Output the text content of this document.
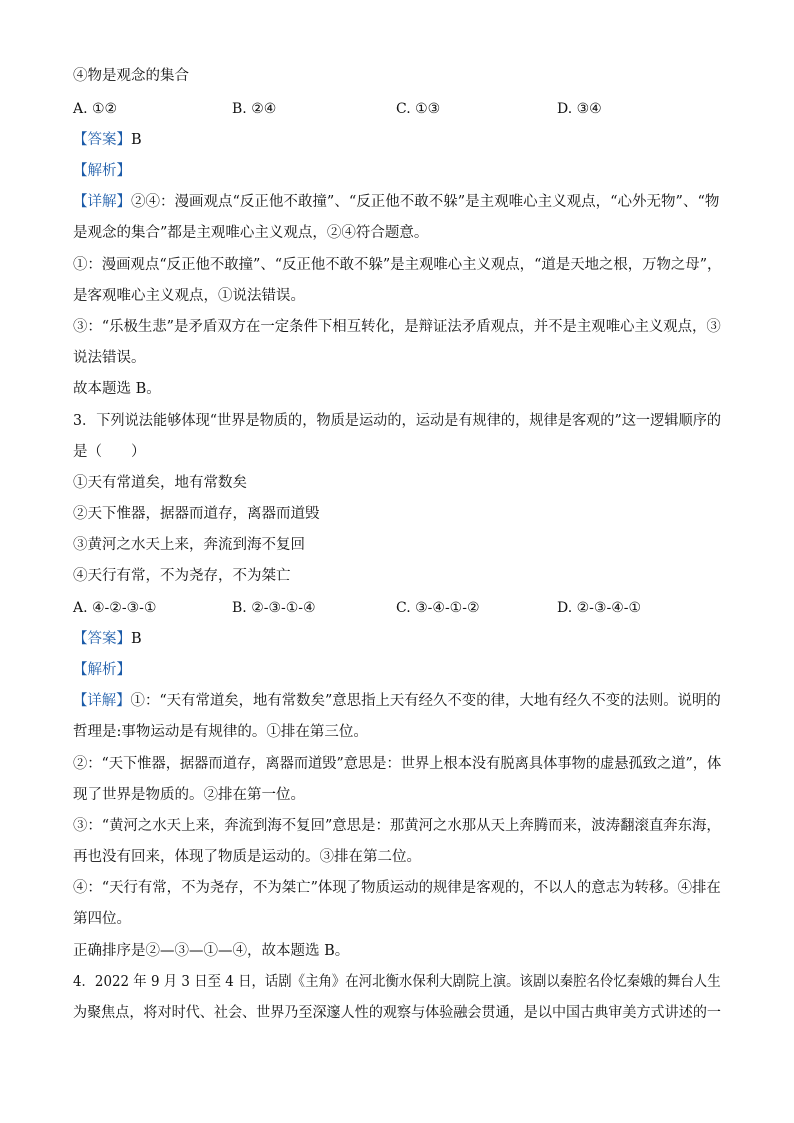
④物是观念的集合
A. ①②	B. ②④	C. ①③	D. ③④
【答案】B
【解析】
【详解】②④：漫画观点“反正他不敢撞”、“反正他不敢不躲”是主观唯心主义观点，“心外无物”、“物
是观念的集合”都是主观唯心主义观点，②④符合题意。
①：漫画观点“反正他不敢撞”、“反正他不敢不躲”是主观唯心主义观点，“道是天地之根，万物之母”，
是客观唯心主义观点，①说法错误。
③：“乐极生悲”是矛盾双方在一定条件下相互转化，是辩证法矛盾观点，并不是主观唯心主义观点，③
说法错误。
故本题选 B。
3．下列说法能够体现“世界是物质的，物质是运动的，运动是有规律的，规律是客观的”这一逻辑顺序的
是（　　）
①天有常道矣，地有常数矣
②天下惟器，据器而道存，离器而道毁
③黄河之水天上来，奔流到海不复回
④天行有常，不为尧存，不为桀亡
A. ④-②-③-①	B. ②-③-①-④	C. ③-④-①-②	D. ②-③-④-①
【答案】B
【解析】
【详解】①：“天有常道矣，地有常数矣”意思指上天有经久不变的律，大地有经久不变的法则。说明的
哲理是:事物运动是有规律的。①排在第三位。
②：“天下惟器，据器而道存，离器而道毁”意思是：世界上根本没有脱离具体事物的虚悬孤致之道”，体
现了世界是物质的。②排在第一位。
③：“黄河之水天上来，奔流到海不复回”意思是：那黄河之水那从天上奔腾而来，波涛翻滚直奔东海，
再也没有回来，体现了物质是运动的。③排在第二位。
④：“天行有常，不为尧存，不为桀亡”体现了物质运动的规律是客观的，不以人的意志为转移。④排在
第四位。
正确排序是②—③—①—④，故本题选 B。
4．2022 年 9 月 3 日至 4 日，话剧《主角》在河北衡水保利大剧院上演。该剧以秦腔名伶忆秦娥的舞台人生
为聚焦点，将对时代、社会、世界乃至深邃人性的观察与体验融会贯通，是以中国古典审美方式讲述的一
